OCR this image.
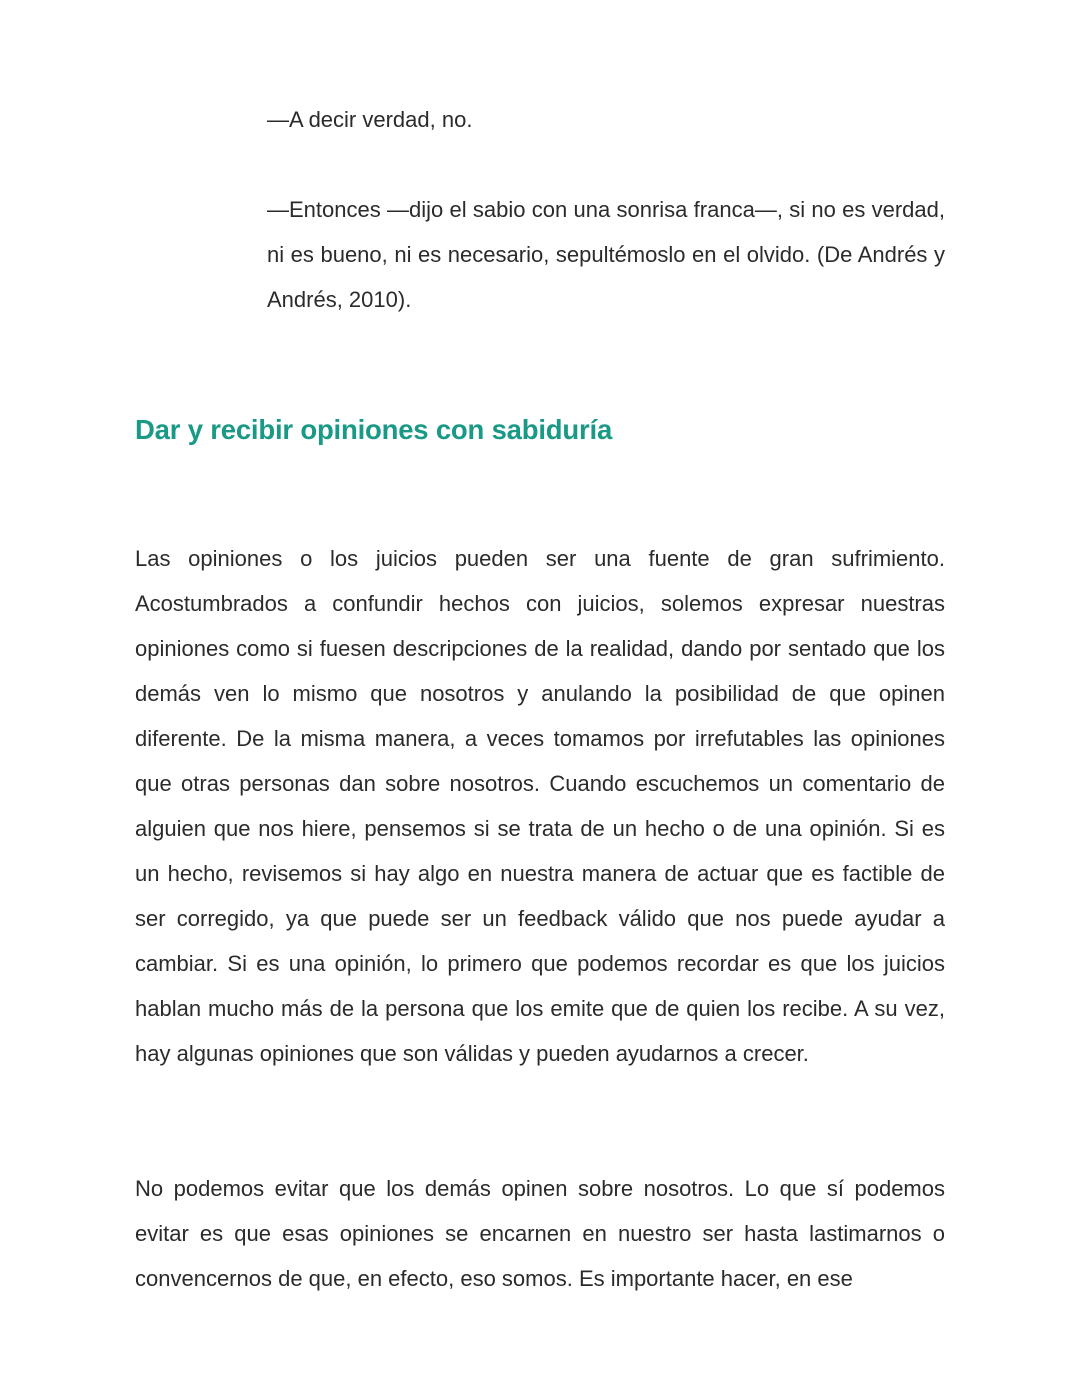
—A decir verdad, no.

—Entonces —dijo el sabio con una sonrisa franca—, si no es verdad, ni es bueno, ni es necesario, sepultémoslo en el olvido. (De Andrés y Andrés, 2010).

Dar y recibir opiniones con sabiduría

Las opiniones o los juicios pueden ser una fuente de gran sufrimiento. Acostumbrados a confundir hechos con juicios, solemos expresar nuestras opiniones como si fuesen descripciones de la realidad, dando por sentado que los demás ven lo mismo que nosotros y anulando la posibilidad de que opinen diferente. De la misma manera, a veces tomamos por irrefutables las opiniones que otras personas dan sobre nosotros. Cuando escuchemos un comentario de alguien que nos hiere, pensemos si se trata de un hecho o de una opinión. Si es un hecho, revisemos si hay algo en nuestra manera de actuar que es factible de ser corregido, ya que puede ser un feedback válido que nos puede ayudar a cambiar. Si es una opinión, lo primero que podemos recordar es que los juicios hablan mucho más de la persona que los emite que de quien los recibe. A su vez, hay algunas opiniones que son válidas y pueden ayudarnos a crecer.

No podemos evitar que los demás opinen sobre nosotros. Lo que sí podemos evitar es que esas opiniones se encarnen en nuestro ser hasta lastimarnos o convencernos de que, en efecto, eso somos. Es importante hacer, en ese
